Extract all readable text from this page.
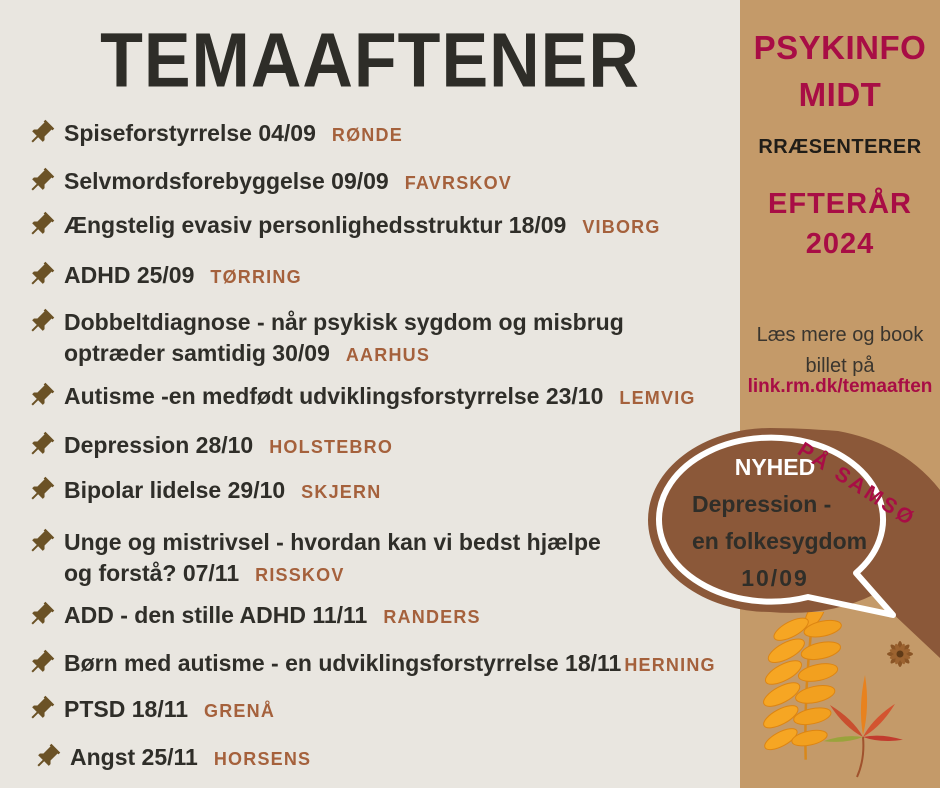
TEMAAFTENER
Spiseforstyrrelse 04/09 RØNDE
Selvmordsforebyggelse 09/09 FAVRSKOV
Ængstelig evasiv personlighedsstruktur 18/09 VIBORG
ADHD 25/09 TØRRING
Dobbeltdiagnose - når psykisk sygdom og misbrug
optræder samtidig 30/09 AARHUS
Autisme -en medfødt udviklingsforstyrrelse 23/10 LEMVIG
Depression 28/10 HOLSTEBRO
Bipolar lidelse 29/10 SKJERN
Unge og mistrivsel - hvordan kan vi bedst hjælpe
og forstå? 07/11 RISSKOV
ADD - den stille ADHD 11/11 RANDERS
Børn med autisme - en udviklingsforstyrrelse 18/11 HERNING
PTSD 18/11 GRENÅ
Angst 25/11 HORSENS
PSYKINFO
MIDT
RRÆSENTERER
EFTERÅR
2024
Læs mere og book
billet på
link.rm.dk/temaaften
NYHED
Depression -
en folkesygdom
10/09
PÅ SAMSØ
